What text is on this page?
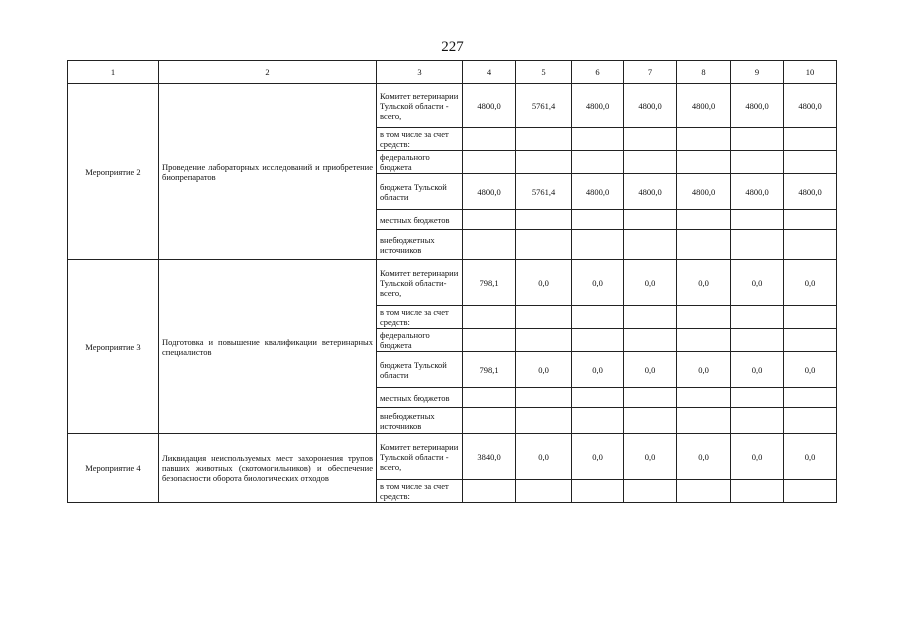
227
1	2	3	4	5	6	7	8	9	10
Мероприятие 2	Проведение лабораторных исследований и приобретение биопрепаратов	Комитет ветеринарии Тульской области - всего,	4800,0	5761,4	4800,0	4800,0	4800,0	4800,0	4800,0
		в том числе за счет средств:							
		федерального бюджета							
		бюджета Тульской области	4800,0	5761,4	4800,0	4800,0	4800,0	4800,0	4800,0
		местных бюджетов							
		внебюджетных источников							
Мероприятие 3	Подготовка и повышение квалификации ветеринарных специалистов	Комитет ветеринарии Тульской области- всего,	798,1	0,0	0,0	0,0	0,0	0,0	0,0
		в том числе за счет средств:							
		федерального бюджета							
		бюджета Тульской области	798,1	0,0	0,0	0,0	0,0	0,0	0,0
		местных бюджетов							
		внебюджетных источников							
Мероприятие 4	Ликвидация неиспользуемых мест захоронения трупов павших животных (скотомогильников) и обеспечение безопасности оборота биологических отходов	Комитет ветеринарии Тульской области - всего,	3840,0	0,0	0,0	0,0	0,0	0,0	0,0
		в том числе за счет средств:							
